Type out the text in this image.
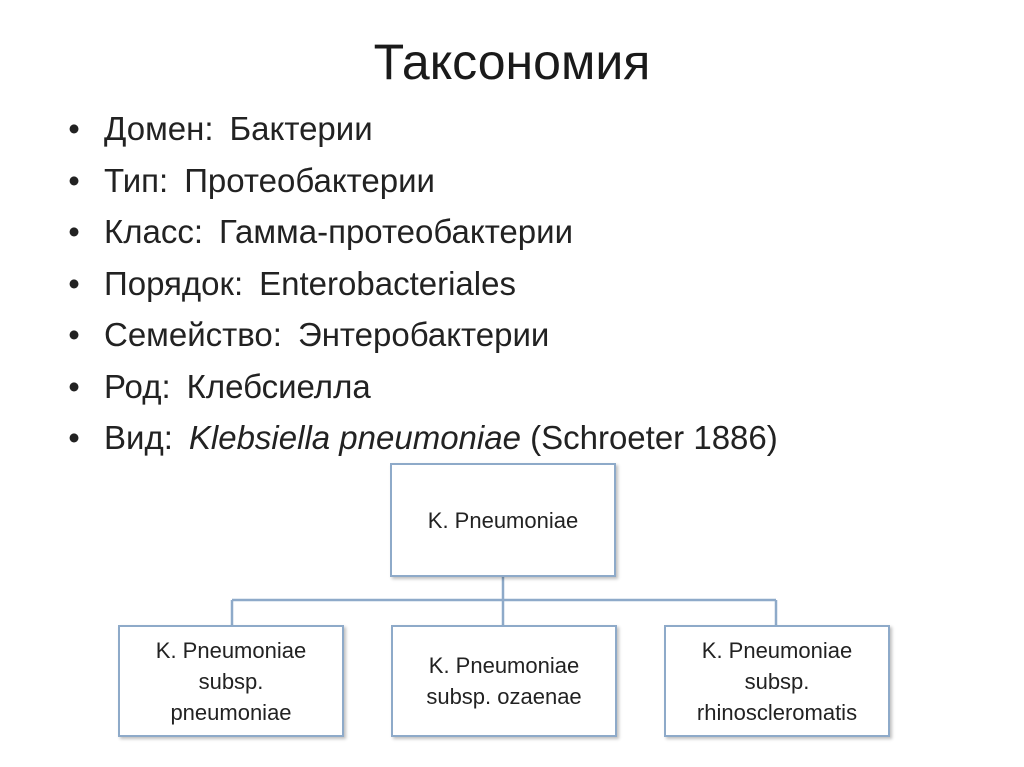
Таксономия
• Домен: Бактерии
• Тип: Протеобактерии
• Класс: Гамма-протеобактерии
• Порядок: Enterobacteriales
• Семейство: Энтеробактерии
• Род: Клебсиелла
• Вид: Klebsiella pneumoniae (Schroeter 1886)
K. Pneumoniae
K. Pneumoniae
subsp.
pneumoniae
K. Pneumoniae
subsp. ozaenae
K. Pneumoniae
subsp.
rhinoscleromatis
